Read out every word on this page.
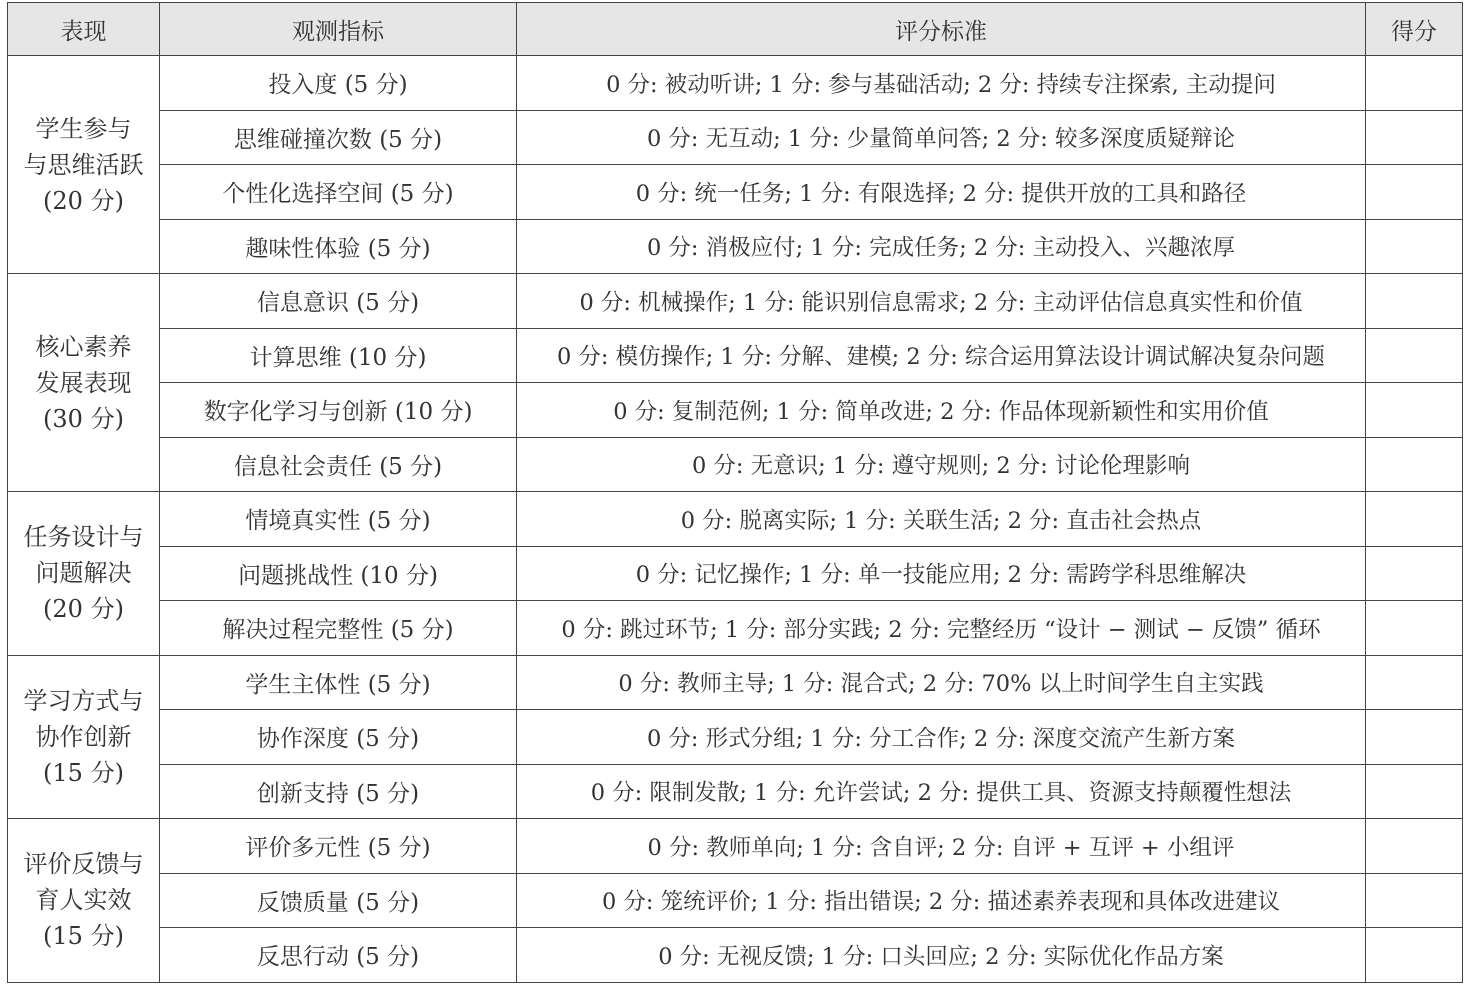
表现	观测指标	评分标准	得分

学生参与
与思维活跃
(20 分)	投入度 (5 分)	0 分: 被动听讲; 1 分: 参与基础活动; 2 分: 持续专注探索, 主动提问	
	思维碰撞次数 (5 分)	0 分: 无互动; 1 分: 少量简单问答; 2 分: 较多深度质疑辩论	
	个性化选择空间 (5 分)	0 分: 统一任务; 1 分: 有限选择; 2 分: 提供开放的工具和路径	
	趣味性体验 (5 分)	0 分: 消极应付; 1 分: 完成任务; 2 分: 主动投入、兴趣浓厚	

核心素养
发展表现
(30 分)	信息意识 (5 分)	0 分: 机械操作; 1 分: 能识别信息需求; 2 分: 主动评估信息真实性和价值	
	计算思维 (10 分)	0 分: 模仿操作; 1 分: 分解、建模; 2 分: 综合运用算法设计调试解决复杂问题	
	数字化学习与创新 (10 分)	0 分: 复制范例; 1 分: 简单改进; 2 分: 作品体现新颖性和实用价值	
	信息社会责任 (5 分)	0 分: 无意识; 1 分: 遵守规则; 2 分: 讨论伦理影响	

任务设计与
问题解决
(20 分)	情境真实性 (5 分)	0 分: 脱离实际; 1 分: 关联生活; 2 分: 直击社会热点	
	问题挑战性 (10 分)	0 分: 记忆操作; 1 分: 单一技能应用; 2 分: 需跨学科思维解决	
	解决过程完整性 (5 分)	0 分: 跳过环节; 1 分: 部分实践; 2 分: 完整经历 “设计 − 测试 − 反馈” 循环	

学习方式与
协作创新
(15 分)	学生主体性 (5 分)	0 分: 教师主导; 1 分: 混合式; 2 分: 70% 以上时间学生自主实践	
	协作深度 (5 分)	0 分: 形式分组; 1 分: 分工合作; 2 分: 深度交流产生新方案	
	创新支持 (5 分)	0 分: 限制发散; 1 分: 允许尝试; 2 分: 提供工具、资源支持颠覆性想法	

评价反馈与
育人实效
(15 分)	评价多元性 (5 分)	0 分: 教师单向; 1 分: 含自评; 2 分: 自评 + 互评 + 小组评	
	反馈质量 (5 分)	0 分: 笼统评价; 1 分: 指出错误; 2 分: 描述素养表现和具体改进建议	
	反思行动 (5 分)	0 分: 无视反馈; 1 分: 口头回应; 2 分: 实际优化作品方案	
